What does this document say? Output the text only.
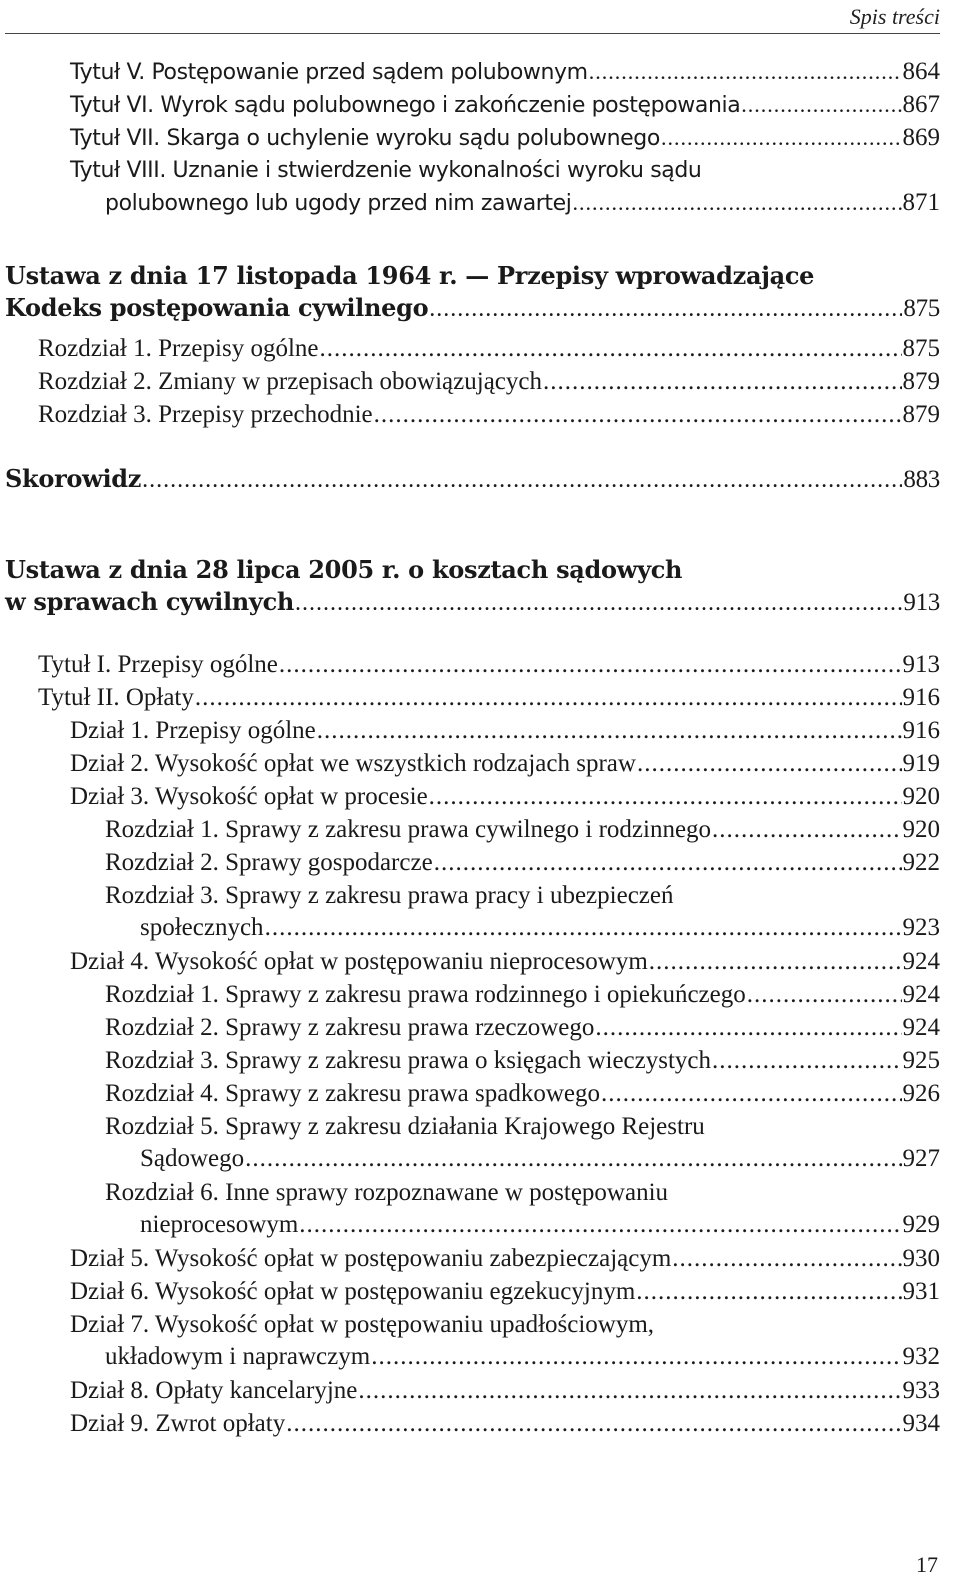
Spis treści
Tytuł V. Postępowanie przed sądem polubownym .....	864
Tytuł VI. Wyrok sądu polubownego i zakończenie postępowania .....	867
Tytuł VII. Skarga o uchylenie wyroku sądu polubownego .....	869
Tytuł VIII. Uznanie i stwierdzenie wykonalności wyroku sądu
polubownego lub ugody przed nim zawartej .....	871
Ustawa z dnia 17 listopada 1964 r. — Przepisy wprowadzające
Kodeks postępowania cywilnego .....	875
Rozdział 1. Przepisy ogólne .....	875
Rozdział 2. Zmiany w przepisach obowiązujących .....	879
Rozdział 3. Przepisy przechodnie .....	879
Skorowidz .....	883
Ustawa z dnia 28 lipca 2005 r. o kosztach sądowych
w sprawach cywilnych .....	913
Tytuł I. Przepisy ogólne .....	913
Tytuł II. Opłaty .....	916
Dział 1. Przepisy ogólne .....	916
Dział 2. Wysokość opłat we wszystkich rodzajach spraw .....	919
Dział 3. Wysokość opłat w procesie .....	920
Rozdział 1. Sprawy z zakresu prawa cywilnego i rodzinnego .....	920
Rozdział 2. Sprawy gospodarcze .....	922
Rozdział 3. Sprawy z zakresu prawa pracy i ubezpieczeń
społecznych .....	923
Dział 4. Wysokość opłat w postępowaniu nieprocesowym .....	924
Rozdział 1. Sprawy z zakresu prawa rodzinnego i opiekuńczego .....	924
Rozdział 2. Sprawy z zakresu prawa rzeczowego .....	924
Rozdział 3. Sprawy z zakresu prawa o księgach wieczystych .....	925
Rozdział 4. Sprawy z zakresu prawa spadkowego .....	926
Rozdział 5. Sprawy z zakresu działania Krajowego Rejestru
Sądowego .....	927
Rozdział 6. Inne sprawy rozpoznawane w postępowaniu
nieprocesowym .....	929
Dział 5. Wysokość opłat w postępowaniu zabezpieczającym .....	930
Dział 6. Wysokość opłat w postępowaniu egzekucyjnym .....	931
Dział 7. Wysokość opłat w postępowaniu upadłościowym,
układowym i naprawczym .....	932
Dział 8. Opłaty kancelaryjne .....	933
Dział 9. Zwrot opłaty .....	934
17
